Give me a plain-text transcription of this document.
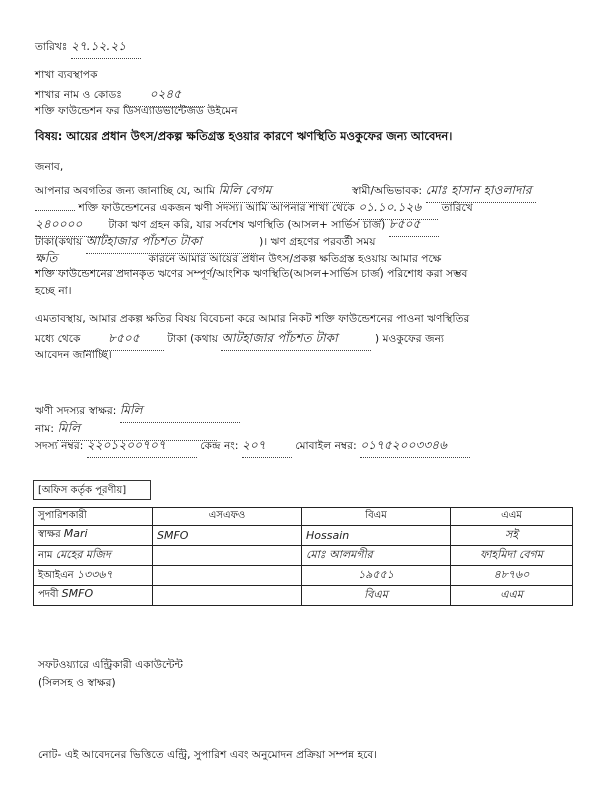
তারিখঃ ২৭.১২.২১
শাখা ব্যবস্থাপক
শাখার নাম ও কোডঃ ০২৪৫
শক্তি ফাউন্ডেশন ফর ডিসএ্যাডভান্টেজড উইমেন
বিষয়: আয়ের প্রধান উৎস/প্রকল্প ক্ষতিগ্রস্ত হওয়ার কারণে ঋণস্থিতি মওকুফের জন্য আবেদন।
জনাব,
আপনার অবগতির জন্য জানাচ্ছি যে, আমি মিলি বেগম	স্বামী/অভিভাবক: মোঃ হাসান হাওলাদার
শক্তি ফাউন্ডেশনের একজন ঋণী সদস্য। আমি আপনার শাখা থেকে ০১.১০.১২৬ তারিখে
২৪০০০০ টাকা ঋণ গ্রহন করি, যার সর্বশেষ ঋণস্থিতি (আসল+ সার্ভিস চার্জ) ৮৫০৫
টাকা(কথায় আটহাজার পাঁচশত টাকা	)। ঋণ গ্রহণের পরবর্তী সময়
ক্ষতি	কারনে আমার আয়ের প্রধান উৎস/প্রকল্প ক্ষতিগ্রস্ত হওয়ায় আমার পক্ষে
শক্তি ফাউন্ডেশনের প্রদানকৃত ঋণের সম্পূর্ণ/আংশিক ঋণস্থিতি(আসল+সার্ভিস চার্জ) পরিশোধ করা সম্ভব
হচ্ছে না।
এমতাবস্থায়, আমার প্রকল্প ক্ষতির বিষয় বিবেচনা করে আমার নিকট শক্তি ফাউন্ডেশনের পাওনা ঋণস্থিতির
মধ্যে থেকে ৮৫০৫	টাকা (কথায় আটহাজার পাঁচশত টাকা	) মওকুফের জন্য
আবেদন জানাচ্ছি।
ঋণী সদস্যর স্বাক্ষর: মিলি
নাম: মিলি
সদস্য নম্বর: ২২০১২০০৭০৭	কেন্দ্র নং: ২০৭	মোবাইল নম্বর: ০১৭৫২০০৩৩৪৬
[অফিস কর্তৃক পূরণীয়]
সুপারিশকারী	এসএফও	বিএম	এএম
স্বাক্ষর Mari	SMFO	Hossain	সই
নাম মেহের মজিদ		মোঃ আলমগীর	ফাহমিদা বেগম
ইআইএন ১৩৩৬৭		১৯৫৫১	৪৮৭৬০
পদবী SMFO		বিএম	এএম
সফটওয়্যারে এন্ট্রিকারী একাউন্টেন্ট
(সিলসহ ও স্বাক্ষর)
নোট- এই আবেদনের ভিত্তিতে এন্ট্রি, সুপারিশ এবং অনুমোদন প্রক্রিয়া সম্পন্ন হবে।
